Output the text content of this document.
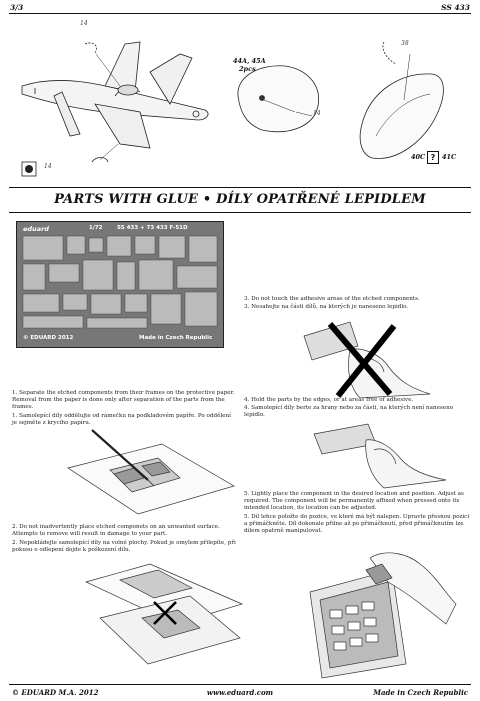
3/3	SS 433
14
44A, 45A
2pcs
14
38
14
40C ?	41C
PARTS WITH GLUE • DÍLY OPATŘENÉ LEPIDLEM
eduard	1/72	SS 433 + 73 433 F-51D
© EDUARD 2012	Made in Czech Republic
3. Do not touch the adhesive areas of the etched components.
3. Nesahejte na části dílů, na kterých je naneseno lepidlo.
1. Separate the etched components from their frames on the protective paper. Removal from the paper is done only after separation of the parts from the frames.
1. Samolepící díly oddělujte od rámečku na podkladovém papíře. Po oddělení je sejměte z krycího papíru.
4. Hold the parts by the edges, or at areas free of adhesive.
4. Samolepící díly berte za hrany nebo za části, na kterých není naneseno lepidlo.
5. Lightly place the component in the desired location and position. Adjust as required. The component will be permanently affixed when pressed onto its intended location, its location can be adjusted.
5. Díl lehce položte do pozice, ve které má být nalepen. Upravte přesnou pozici a přimáčkněte. Díl dokonale přilne až po přimáčknutí, před přimáčknutím lze dílem opatrně manipulovat.
2. Do not inadvertently place etched componets on an unwanted surface. Attempts to remove will result in damage to your part.
2. Nepokládejte samolepící díly na volné plochy. Pokud je omylem přilepíte, při pokusu o odlepení dojde k poškození dílu.
© EDUARD M.A. 2012	www.eduard.com	Made in Czech Republic
